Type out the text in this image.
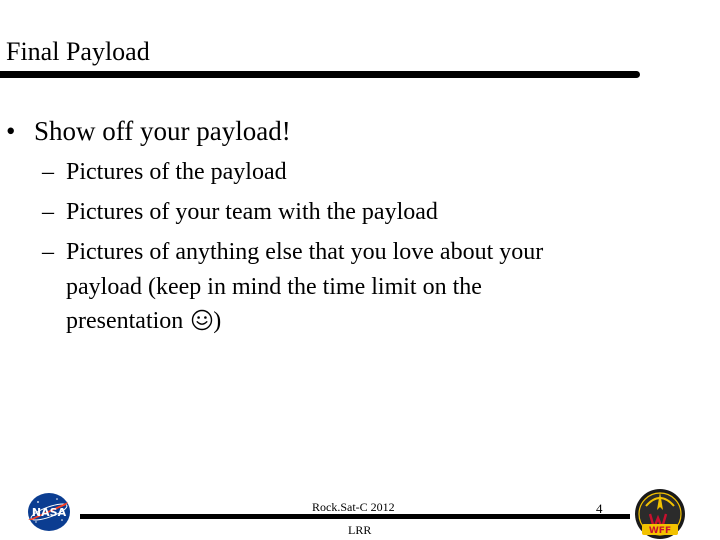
Final Payload
• Show off your payload!
– Pictures of the payload
– Pictures of your team with the payload
– Pictures of anything else that you love about your
payload (keep in mind the time limit on the
presentation )
NASA	Rock.Sat-C 2012
LRR
4
WFF
